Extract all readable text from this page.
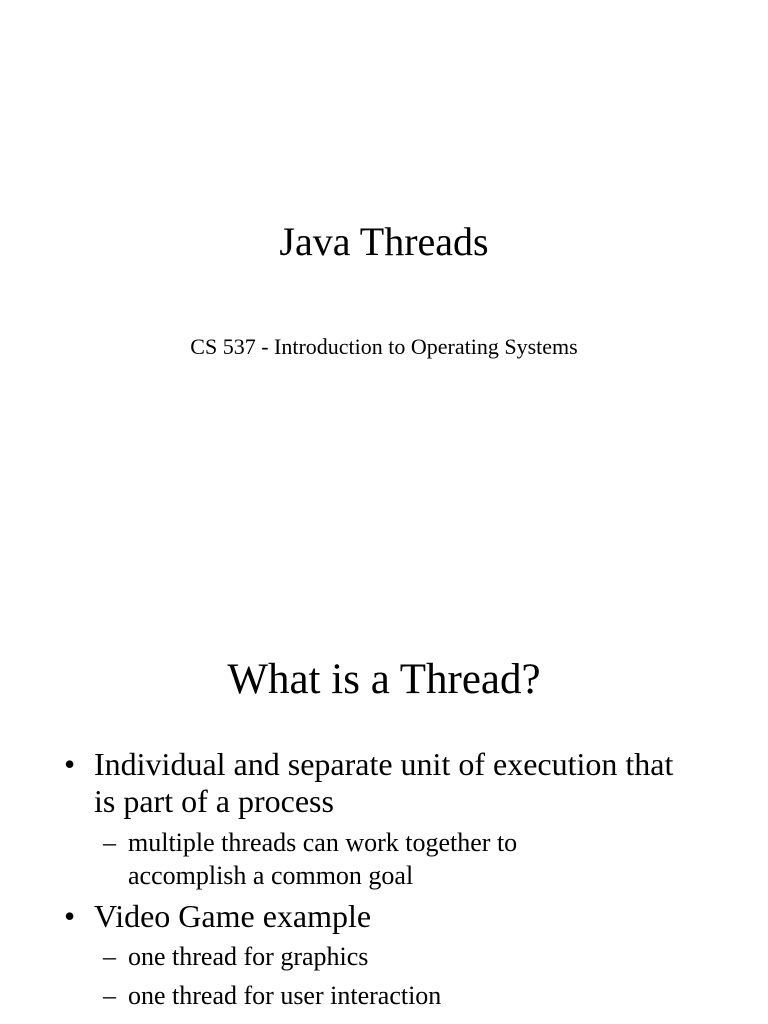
Java Threads
CS 537 - Introduction to Operating Systems
What is a Thread?
• Individual and separate unit of execution that is part of a process
– multiple threads can work together to accomplish a common goal
• Video Game example
– one thread for graphics
– one thread for user interaction
